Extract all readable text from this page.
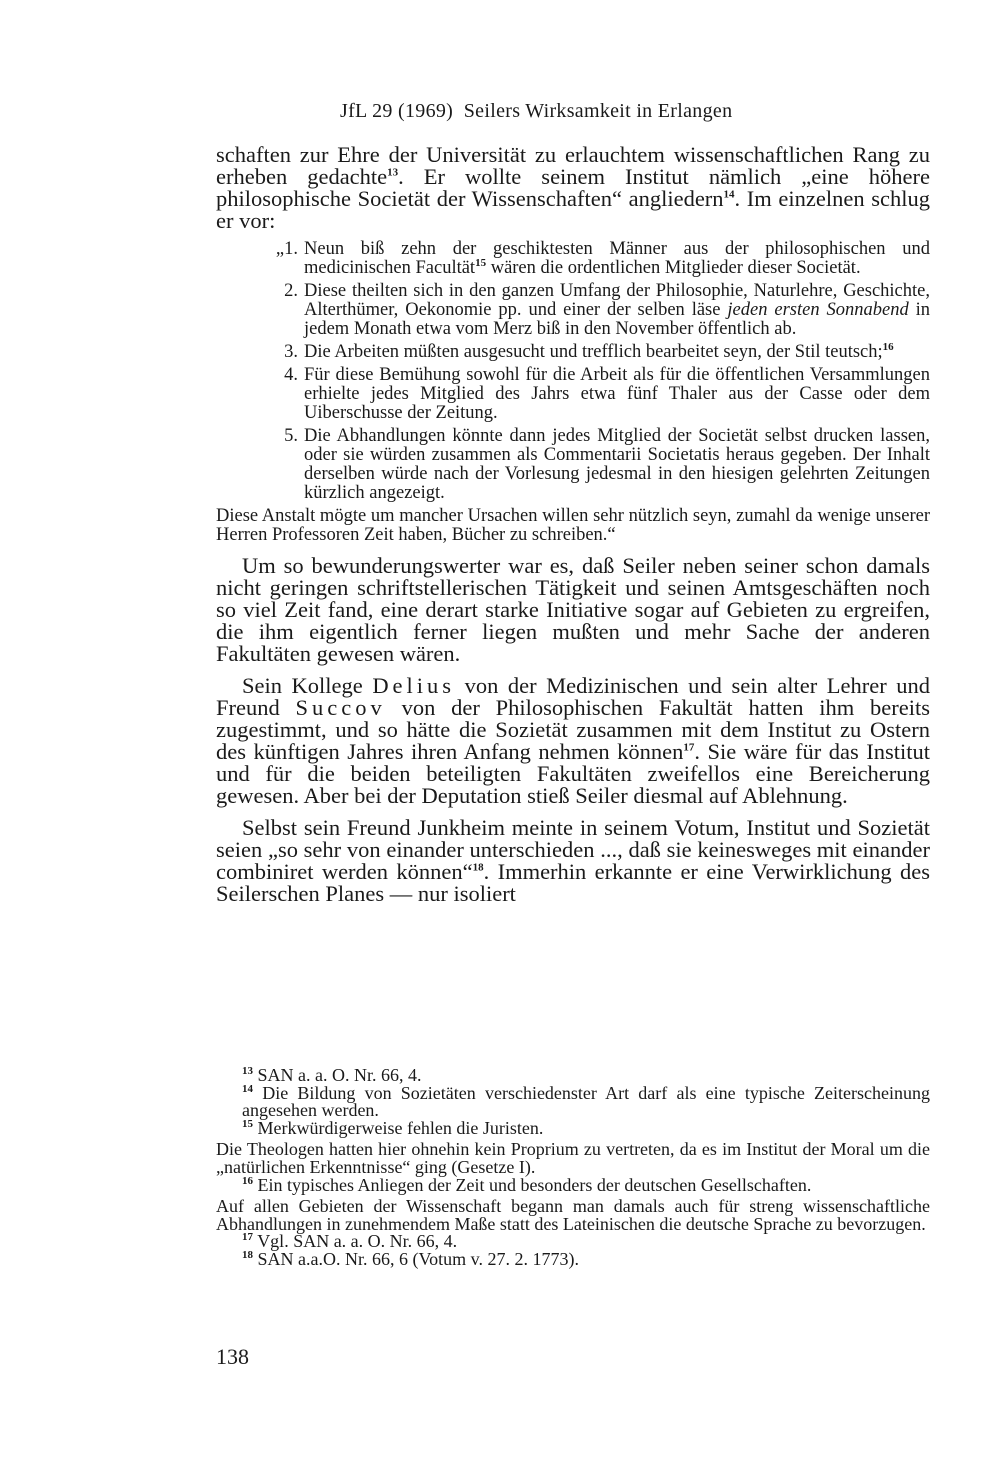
JfL 29 (1969) Seilers Wirksamkeit in Erlangen

schaften zur Ehre der Universität zu erlauchtem wissenschaftlichen Rang zu erheben gedachte$^{13}$. Er wollte seinem Institut nämlich „eine höhere philosophische Societät der Wissenschaften“ angliedern$^{14}$. Im einzelnen schlug er vor:

„1. Neun biß zehn der geschiktesten Männer aus der philosophischen und medicinischen Facultät$^{15}$ wären die ordentlichen Mitglieder dieser Societät.
2. Diese theilten sich in den ganzen Umfang der Philosophie, Naturlehre, Geschichte, Alterthümer, Oekonomie pp. und einer der selben läse jeden ersten Sonnabend in jedem Monath etwa vom Merz biß in den November öffentlich ab.
3. Die Arbeiten müßten ausgesucht und trefflich bearbeitet seyn, der Stil teutsch;$^{16}$
4. Für diese Bemühung sowohl für die Arbeit als für die öffentlichen Versammlungen erhielte jedes Mitglied des Jahrs etwa fünf Thaler aus der Casse oder dem Uiberschusse der Zeitung.
5. Die Abhandlungen könnte dann jedes Mitglied der Societät selbst drucken lassen, oder sie würden zusammen als Commentarii Societatis heraus gegeben. Der Inhalt derselben würde nach der Vorlesung jedesmal in den hiesigen gelehrten Zeitungen kürzlich angezeigt.

Diese Anstalt mögte um mancher Ursachen willen sehr nützlich seyn, zumahl da wenige unserer Herren Professoren Zeit haben, Bücher zu schreiben.“

Um so bewunderungswerter war es, daß Seiler neben seiner schon damals nicht geringen schriftstellerischen Tätigkeit und seinen Amtsgeschäften noch so viel Zeit fand, eine derart starke Initiative sogar auf Gebieten zu ergreifen, die ihm eigentlich ferner liegen mußten und mehr Sache der anderen Fakultäten gewesen wären.

Sein Kollege Delius von der Medizinischen und sein alter Lehrer und Freund Succov von der Philosophischen Fakultät hatten ihm bereits zugestimmt, und so hätte die Sozietät zusammen mit dem Institut zu Ostern des künftigen Jahres ihren Anfang nehmen können$^{17}$. Sie wäre für das Institut und für die beiden beteiligten Fakultäten zweifellos eine Bereicherung gewesen. Aber bei der Deputation stieß Seiler diesmal auf Ablehnung.

Selbst sein Freund Junkheim meinte in seinem Votum, Institut und Sozietät seien „so sehr von einander unterschieden ..., daß sie keinesweges mit einander combiniret werden können“$^{18}$. Immerhin erkannte er eine Verwirklichung des Seilerschen Planes — nur isoliert

$^{13}$ SAN a. a. O. Nr. 66, 4.

$^{14}$ Die Bildung von Sozietäten verschiedenster Art darf als eine typische Zeiterscheinung angesehen werden.

$^{15}$ Merkwürdigerweise fehlen die Juristen.

Die Theologen hatten hier ohnehin kein Proprium zu vertreten, da es im Institut der Moral um die „natürlichen Erkenntnisse“ ging (Gesetze I).

$^{16}$ Ein typisches Anliegen der Zeit und besonders der deutschen Gesellschaften.

Auf allen Gebieten der Wissenschaft begann man damals auch für streng wissenschaftliche Abhandlungen in zunehmendem Maße statt des Lateinischen die deutsche Sprache zu bevorzugen.

$^{17}$ Vgl. SAN a. a. O. Nr. 66, 4.

$^{18}$ SAN a.a.O. Nr. 66, 6 (Votum v. 27. 2. 1773).

138
